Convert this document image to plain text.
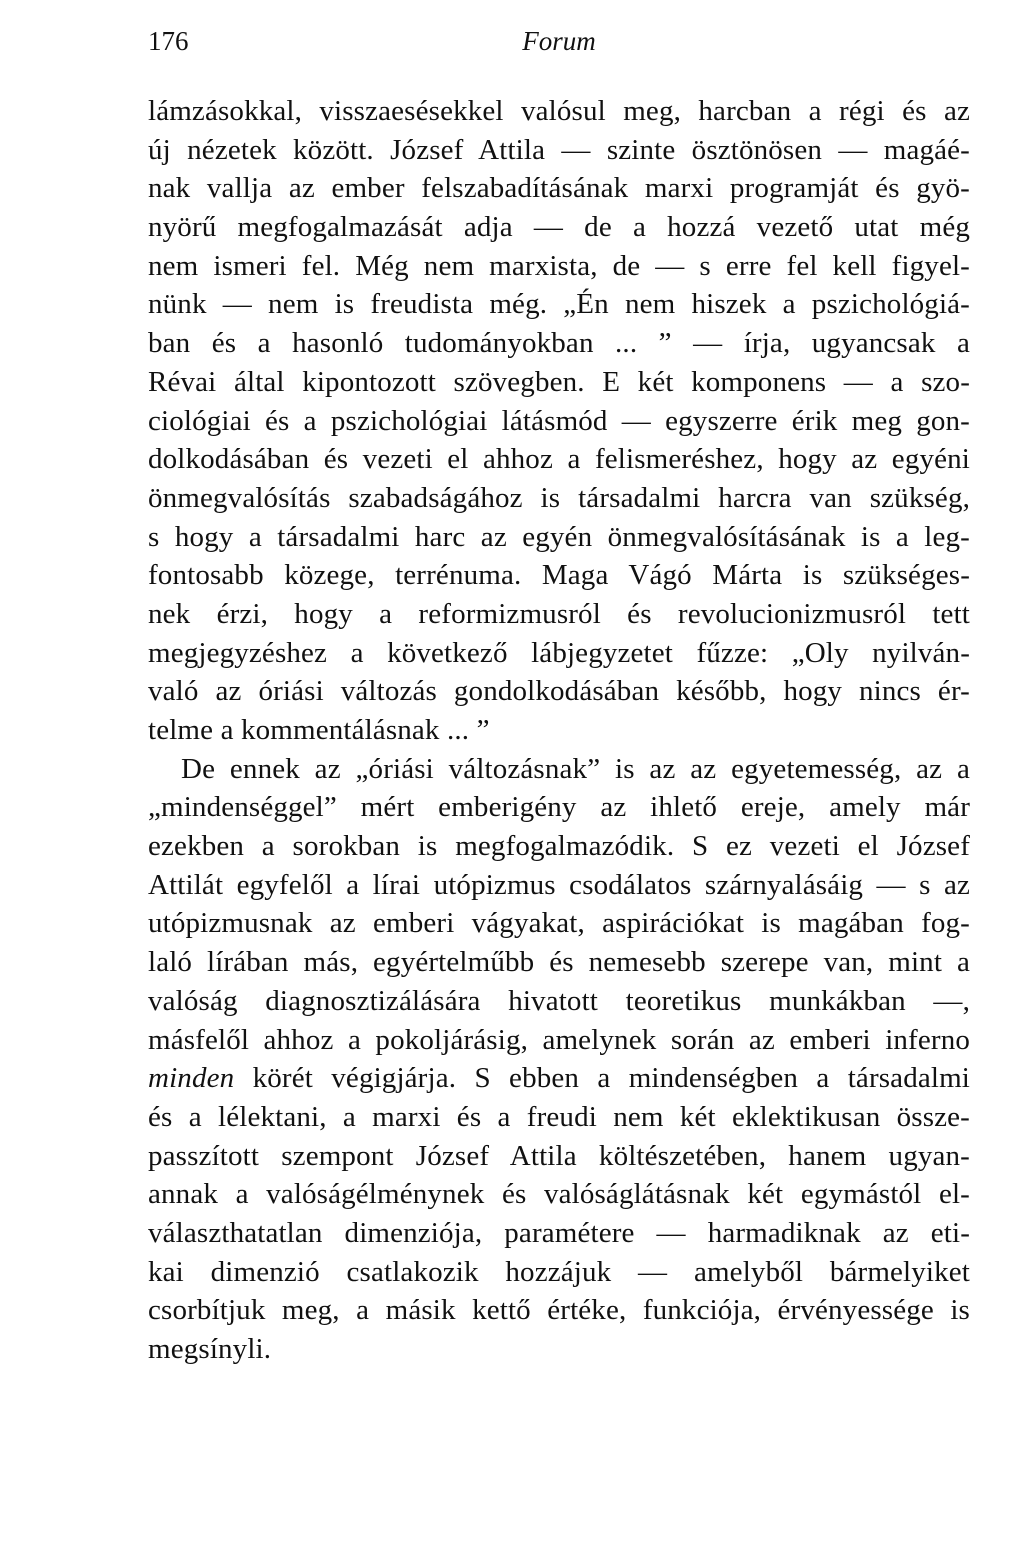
176	Forum
lámzásokkal, visszaesésekkel valósul meg, harcban a régi és az
új nézetek között. József Attila — szinte ösztönösen — magáé-
nak vallja az ember felszabadításának marxi programját és gyö-
nyörű megfogalmazását adja — de a hozzá vezető utat még
nem ismeri fel. Még nem marxista, de — s erre fel kell figyel-
nünk — nem is freudista még. „Én nem hiszek a pszichológiá-
ban és a hasonló tudományokban ... ” — írja, ugyancsak a
Révai által kipontozott szövegben. E két komponens — a szo-
ciológiai és a pszichológiai látásmód — egyszerre érik meg gon-
dolkodásában és vezeti el ahhoz a felismeréshez, hogy az egyéni
önmegvalósítás szabadságához is társadalmi harcra van szükség,
s hogy a társadalmi harc az egyén önmegvalósításának is a leg-
fontosabb közege, terrénuma. Maga Vágó Márta is szükséges-
nek érzi, hogy a reformizmusról és revolucionizmusról tett
megjegyzéshez a következő lábjegyzetet fűzze: „Oly nyilván-
való az óriási változás gondolkodásában később, hogy nincs ér-
telme a kommentálásnak ... ”
De ennek az „óriási változásnak” is az az egyetemesség, az a
„mindenséggel” mért emberigény az ihlető ereje, amely már
ezekben a sorokban is megfogalmazódik. S ez vezeti el József
Attilát egyfelől a lírai utópizmus csodálatos szárnyalásáig — s az
utópizmusnak az emberi vágyakat, aspirációkat is magában fog-
laló lírában más, egyértelműbb és nemesebb szerepe van, mint a
valóság diagnosztizálására hivatott teoretikus munkákban —,
másfelől ahhoz a pokoljárásig, amelynek során az emberi inferno
minden körét végigjárja. S ebben a mindenségben a társadalmi
és a lélektani, a marxi és a freudi nem két eklektikusan össze-
passzított szempont József Attila költészetében, hanem ugyan-
annak a valóságélménynek és valóságlátásnak két egymástól el-
választhatatlan dimenziója, paramétere — harmadiknak az eti-
kai dimenzió csatlakozik hozzájuk — amelyből bármelyiket
csorbítjuk meg, a másik kettő értéke, funkciója, érvényessége is
megsínyli.
